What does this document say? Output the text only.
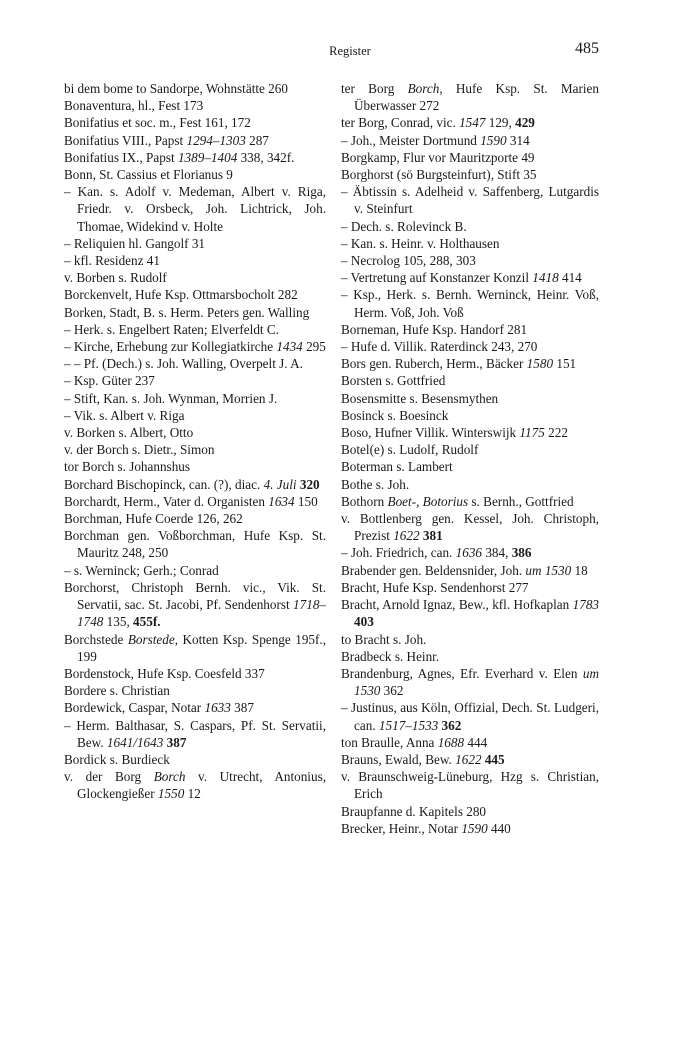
Register	485
bi dem bome to Sandorpe, Wohnstätte 260
Bonaventura, hl., Fest 173
Bonifatius et soc. m., Fest 161, 172
Bonifatius VIII., Papst 1294–1303 287
Bonifatius IX., Papst 1389–1404 338, 342f.
Bonn, St. Cassius et Florianus 9
– Kan. s. Adolf v. Medeman, Albert v. Riga, Friedr. v. Orsbeck, Joh. Lichtrick, Joh. Thomae, Widekind v. Holte
– Reliquien hl. Gangolf 31
– kfl. Residenz 41
v. Borben s. Rudolf
Borckenvelt, Hufe Ksp. Ottmarsbocholt 282
Borken, Stadt, B. s. Herm. Peters gen. Walling
– Herk. s. Engelbert Raten; Elverfeldt C.
– Kirche, Erhebung zur Kollegiatkirche 1434 295
– – Pf. (Dech.) s. Joh. Walling, Overpelt J. A.
– Ksp. Güter 237
– Stift, Kan. s. Joh. Wynman, Morrien J.
– Vik. s. Albert v. Riga
v. Borken s. Albert, Otto
v. der Borch s. Dietr., Simon
tor Borch s. Johannshus
Borchard Bischopinck, can. (?), diac. 4. Juli 320
Borchardt, Herm., Vater d. Organisten 1634 150
Borchman, Hufe Coerde 126, 262
Borchman gen. Voßborchman, Hufe Ksp. St. Mauritz 248, 250
– s. Werninck; Gerh.; Conrad
Borchorst, Christoph Bernh. vic., Vik. St. Servatii, sac. St. Jacobi, Pf. Sendenhorst 1718–1748 135, 455f.
Borchstede Borstede, Kotten Ksp. Spenge 195f., 199
Bordenstock, Hufe Ksp. Coesfeld 337
Bordere s. Christian
Bordewick, Caspar, Notar 1633 387
– Herm. Balthasar, S. Caspars, Pf. St. Servatii, Bew. 1641/1643 387
Bordick s. Burdieck
v. der Borg Borch v. Utrecht, Antonius, Glockengießer 1550 12
ter Borg Borch, Hufe Ksp. St. Marien Überwasser 272
ter Borg, Conrad, vic. 1547 129, 429
– Joh., Meister Dortmund 1590 314
Borgkamp, Flur vor Mauritzporte 49
Borghorst (sö Burgsteinfurt), Stift 35
– Äbtissin s. Adelheid v. Saffenberg, Lutgardis v. Steinfurt
– Dech. s. Rolevinck B.
– Kan. s. Heinr. v. Holthausen
– Necrolog 105, 288, 303
– Vertretung auf Konstanzer Konzil 1418 414
– Ksp., Herk. s. Bernh. Werninck, Heinr. Voß, Herm. Voß, Joh. Voß
Borneman, Hufe Ksp. Handorf 281
– Hufe d. Villik. Raterdinck 243, 270
Bors gen. Ruberch, Herm., Bäcker 1580 151
Borsten s. Gottfried
Bosensmitte s. Besensmythen
Bosinck s. Boesinck
Boso, Hufner Villik. Winterswijk 1175 222
Botel(e) s. Ludolf, Rudolf
Boterman s. Lambert
Bothe s. Joh.
Bothorn Boet-, Botorius s. Bernh., Gottfried
v. Bottlenberg gen. Kessel, Joh. Christoph, Prezist 1622 381
– Joh. Friedrich, can. 1636 384, 386
Brabender gen. Beldensnider, Joh. um 1530 18
Bracht, Hufe Ksp. Sendenhorst 277
Bracht, Arnold Ignaz, Bew., kfl. Hofkaplan 1783 403
to Bracht s. Joh.
Bradbeck s. Heinr.
Brandenburg, Agnes, Efr. Everhard v. Elen um 1530 362
– Justinus, aus Köln, Offizial, Dech. St. Ludgeri, can. 1517–1533 362
ton Braulle, Anna 1688 444
Brauns, Ewald, Bew. 1622 445
v. Braunschweig-Lüneburg, Hzg s. Christian, Erich
Braupfanne d. Kapitels 280
Brecker, Heinr., Notar 1590 440
